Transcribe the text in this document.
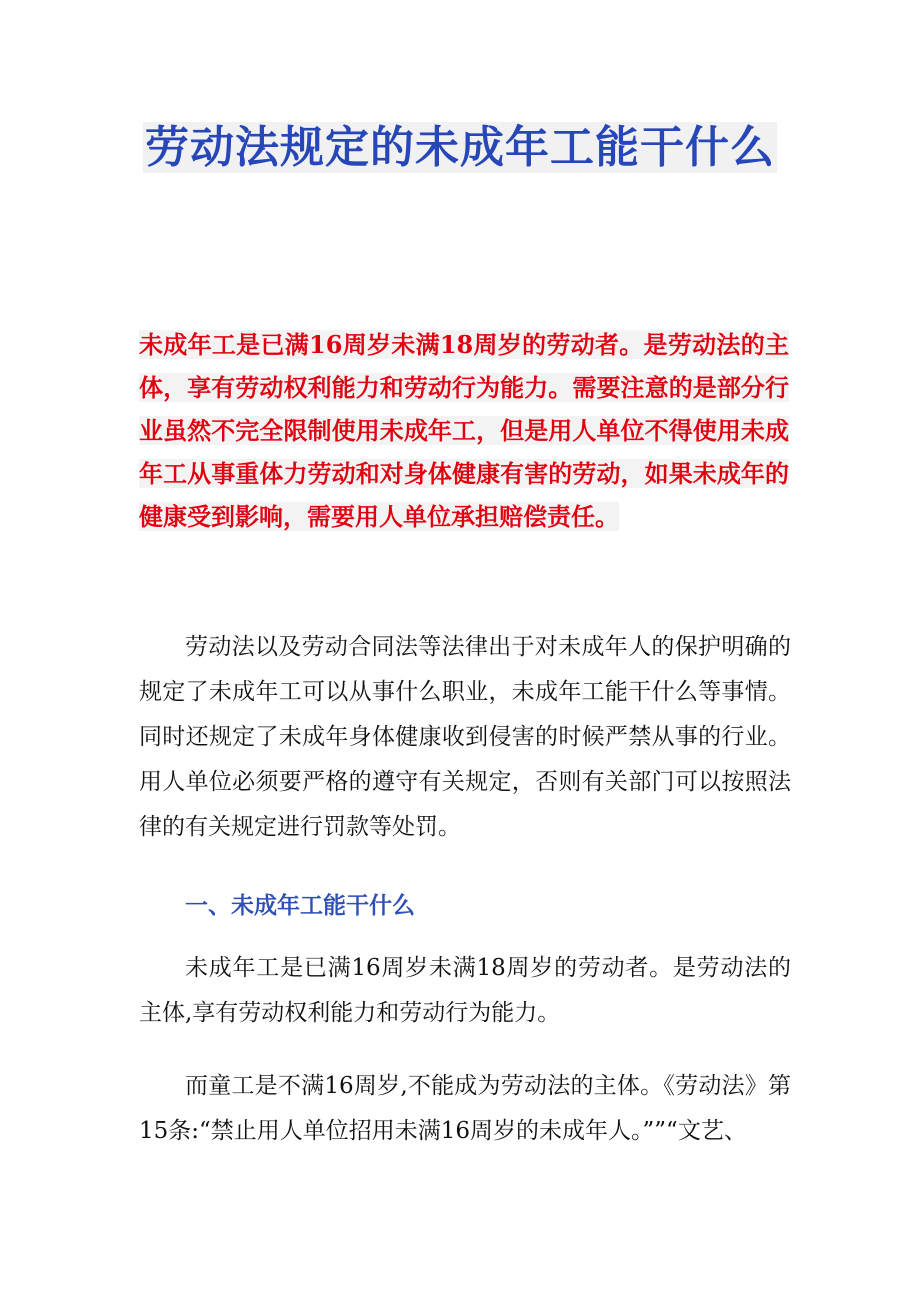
劳动法规定的未成年工能干什么

未成年工是已满16周岁未满18周岁的劳动者。是劳动法的主体，享有劳动权利能力和劳动行为能力。需要注意的是部分行业虽然不完全限制使用未成年工，但是用人单位不得使用未成年工从事重体力劳动和对身体健康有害的劳动，如果未成年的健康受到影响，需要用人单位承担赔偿责任。

劳动法以及劳动合同法等法律出于对未成年人的保护明确的规定了未成年工可以从事什么职业，未成年工能干什么等事情。同时还规定了未成年身体健康收到侵害的时候严禁从事的行业。用人单位必须要严格的遵守有关规定，否则有关部门可以按照法律的有关规定进行罚款等处罚。

一、未成年工能干什么

未成年工是已满16周岁未满18周岁的劳动者。是劳动法的主体,享有劳动权利能力和劳动行为能力。

而童工是不满16周岁,不能成为劳动法的主体。《劳动法》第15条:“禁止用人单位招用未满16周岁的未成年人。””“文艺、
